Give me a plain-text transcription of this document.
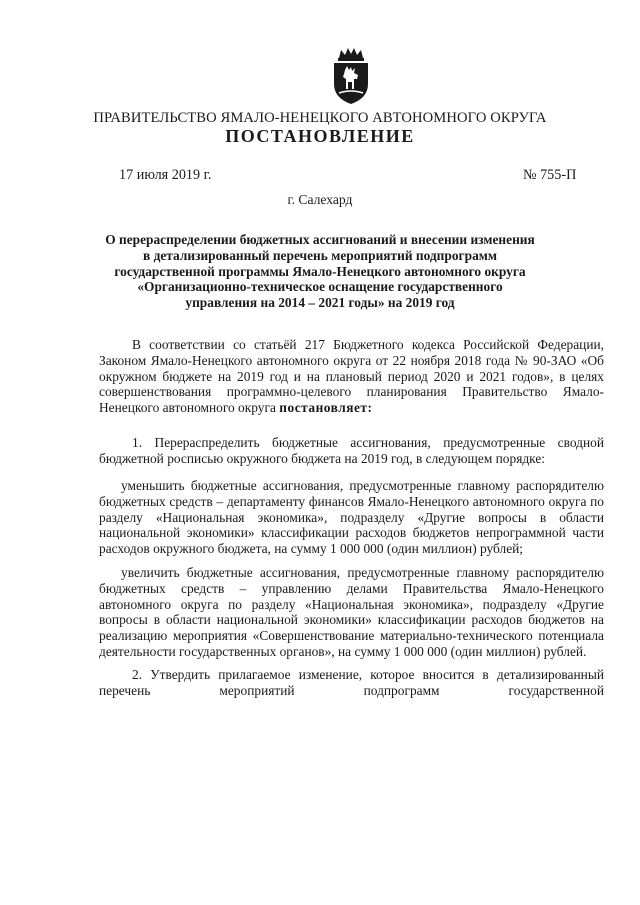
ПРАВИТЕЛЬСТВО ЯМАЛО-НЕНЕЦКОГО АВТОНОМНОГО ОКРУГА
ПОСТАНОВЛЕНИЕ
17 июля 2019 г.	№ 755-П
г. Салехард
О перераспределении бюджетных ассигнований и внесении изменения
в детализированный перечень мероприятий подпрограмм
государственной программы Ямало-Ненецкого автономного округа
«Организационно-техническое оснащение государственного
управления на 2014 – 2021 годы» на 2019 год

В соответствии со статьёй 217 Бюджетного кодекса Российской Федерации, Законом Ямало-Ненецкого автономного округа от 22 ноября 2018 года № 90-ЗАО «Об окружном бюджете на 2019 год и на плановый период 2020 и 2021 годов», в целях совершенствования программно-целевого планирования Правительство Ямало-Ненецкого автономного округа постановляет:

1. Перераспределить бюджетные ассигнования, предусмотренные сводной бюджетной росписью окружного бюджета на 2019 год, в следующем порядке:

уменьшить бюджетные ассигнования, предусмотренные главному распорядителю бюджетных средств – департаменту финансов Ямало-Ненецкого автономного округа по разделу «Национальная экономика», подразделу «Другие вопросы в области национальной экономики» классификации расходов бюджетов непрограммной части расходов окружного бюджета, на сумму 1 000 000 (один миллион) рублей;

увеличить бюджетные ассигнования, предусмотренные главному распорядителю бюджетных средств – управлению делами Правительства Ямало-Ненецкого автономного округа по разделу «Национальная экономика», подразделу «Другие вопросы в области национальной экономики» классификации расходов бюджетов на реализацию мероприятия «Совершенствование материально-технического потенциала деятельности государственных органов», на сумму 1 000 000 (один миллион) рублей.

2. Утвердить прилагаемое изменение, которое вносится в детализированный перечень мероприятий подпрограмм государственной
